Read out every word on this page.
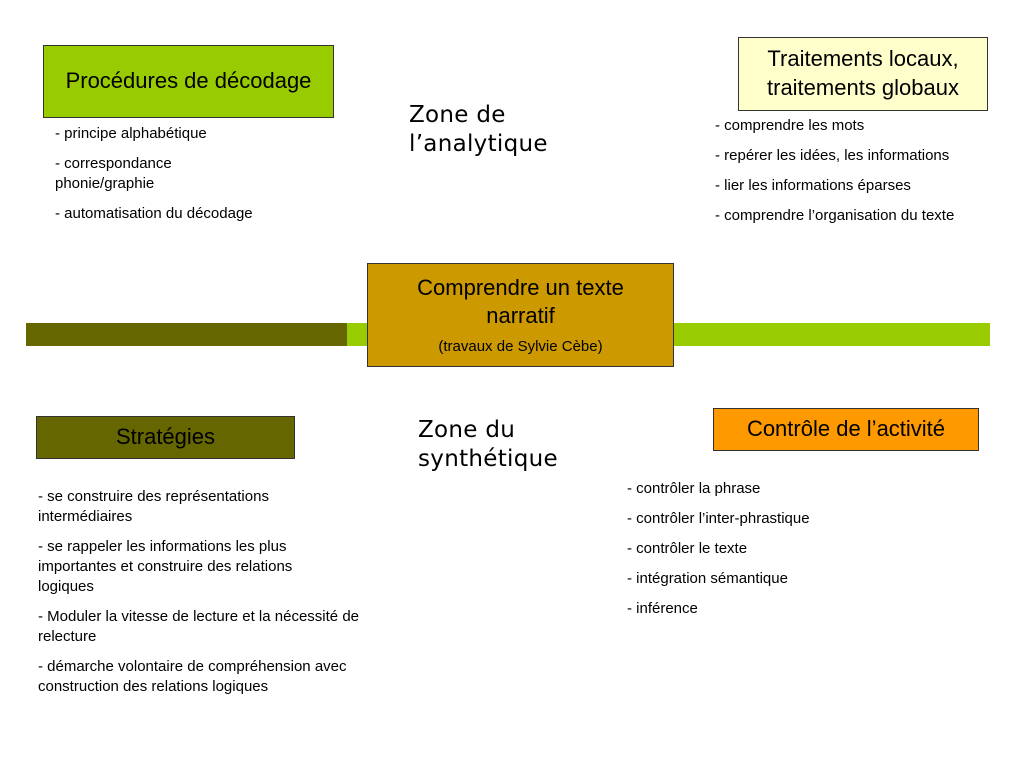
Procédures de décodage

- principe alphabétique

- correspondance phonie/graphie

- automatisation du décodage

Traitements locaux, traitements globaux

- comprendre les mots

- repérer les idées, les informations

- lier les informations éparses

- comprendre l’organisation du texte

Zone de l’analytique
Zone du synthétique
Comprendre un texte narratif
(travaux de Sylvie Cèbe)
Stratégies

- se construire des représentations intermédiaires

- se rappeler les informations les plus importantes et construire des relations logiques

- Moduler la vitesse de lecture et la nécessité de relecture

- démarche volontaire de compréhension avec construction des relations logiques

Contrôle de l’activité

- contrôler la phrase

- contrôler l’inter-phrastique

- contrôler le texte

- intégration sémantique

- inférence
